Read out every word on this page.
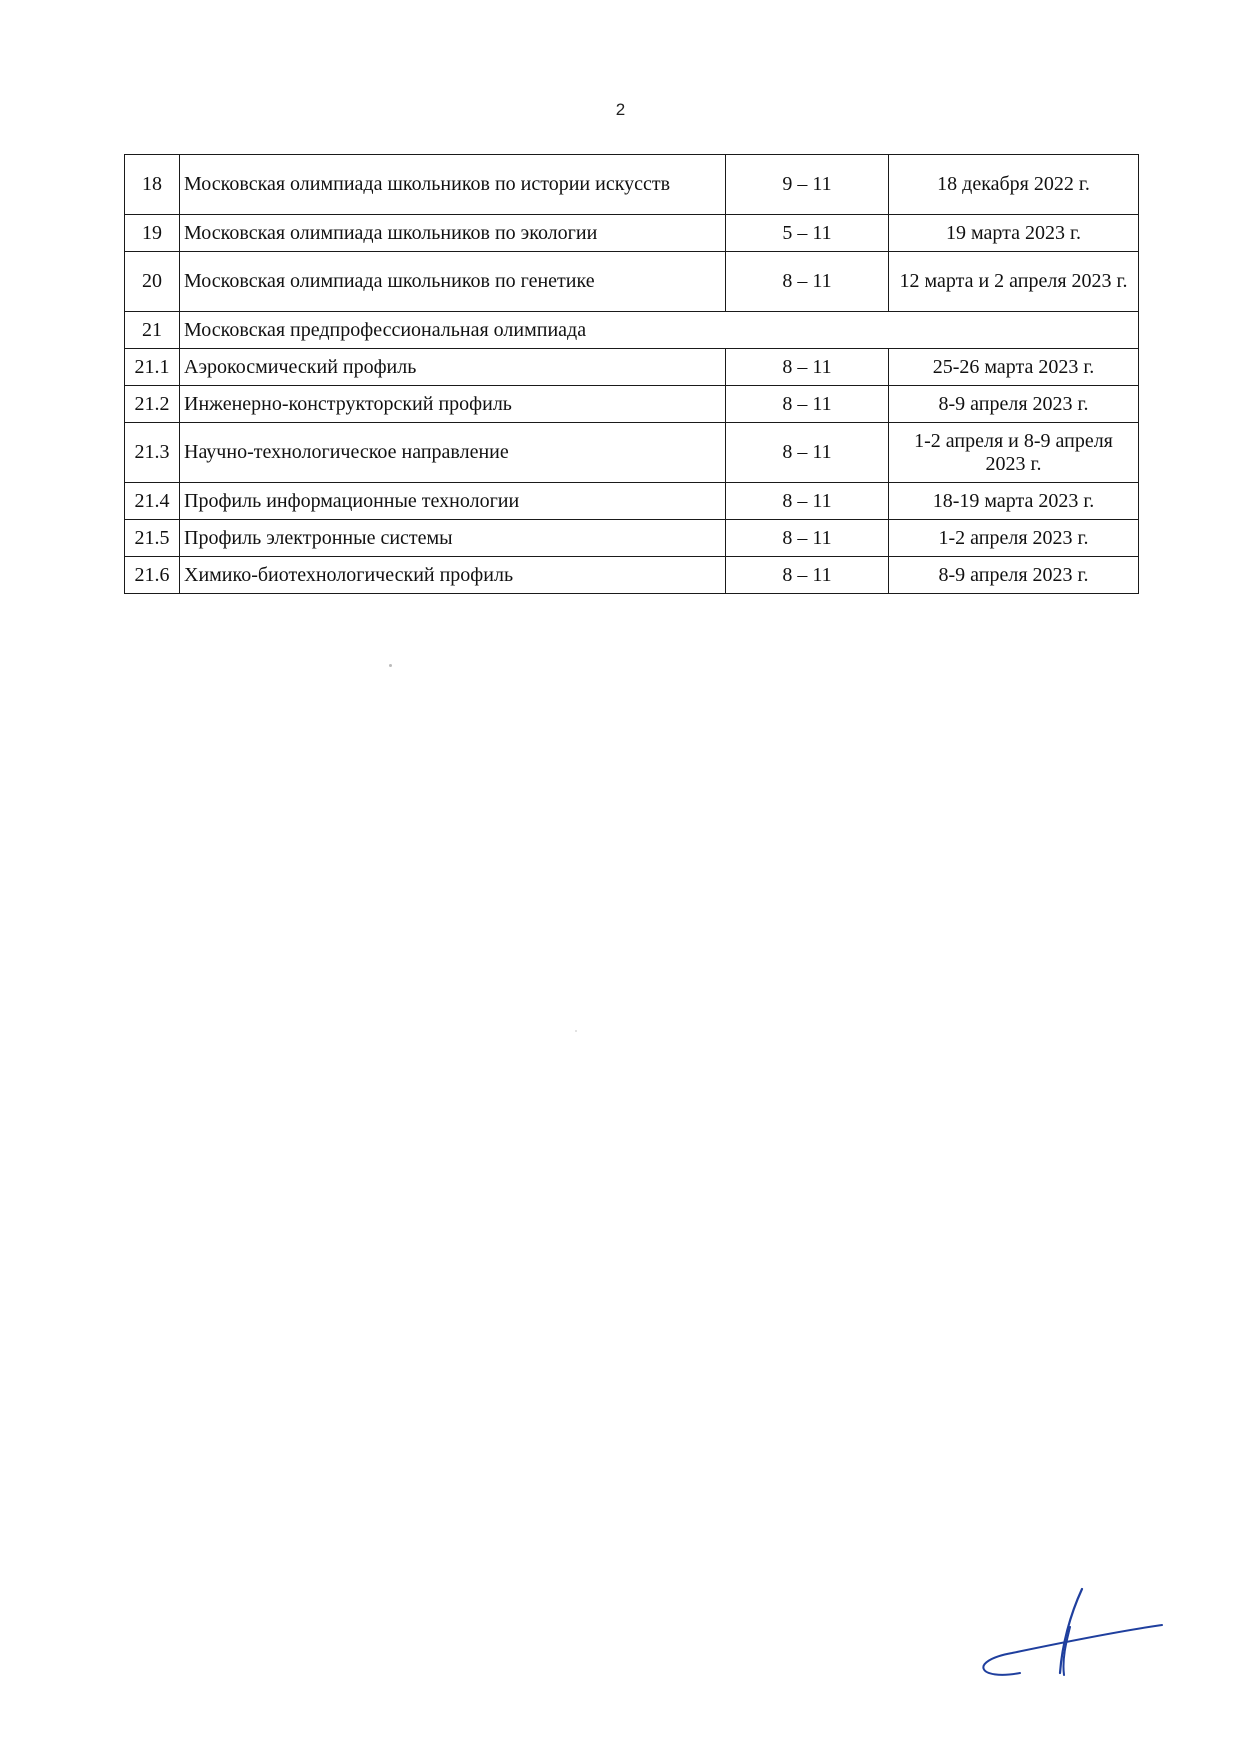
2
18	Московская олимпиада школьников по истории искусств	9 – 11	18 декабря 2022 г.
19	Московская олимпиада школьников по экологии	5 – 11	19 марта 2023 г.
20	Московская олимпиада школьников по генетике	8 – 11	12 марта и 2 апреля 2023 г.
21	Московская предпрофессиональная олимпиада		
21.1	Аэрокосмический профиль	8 – 11	25-26 марта 2023 г.
21.2	Инженерно-конструкторский профиль	8 – 11	8-9 апреля 2023 г.
21.3	Научно-технологическое направление	8 – 11	1-2 апреля и 8-9 апреля 2023 г.
21.4	Профиль информационные технологии	8 – 11	18-19 марта 2023 г.
21.5	Профиль электронные системы	8 – 11	1-2 апреля 2023 г.
21.6	Химико-биотехнологический профиль	8 – 11	8-9 апреля 2023 г.
